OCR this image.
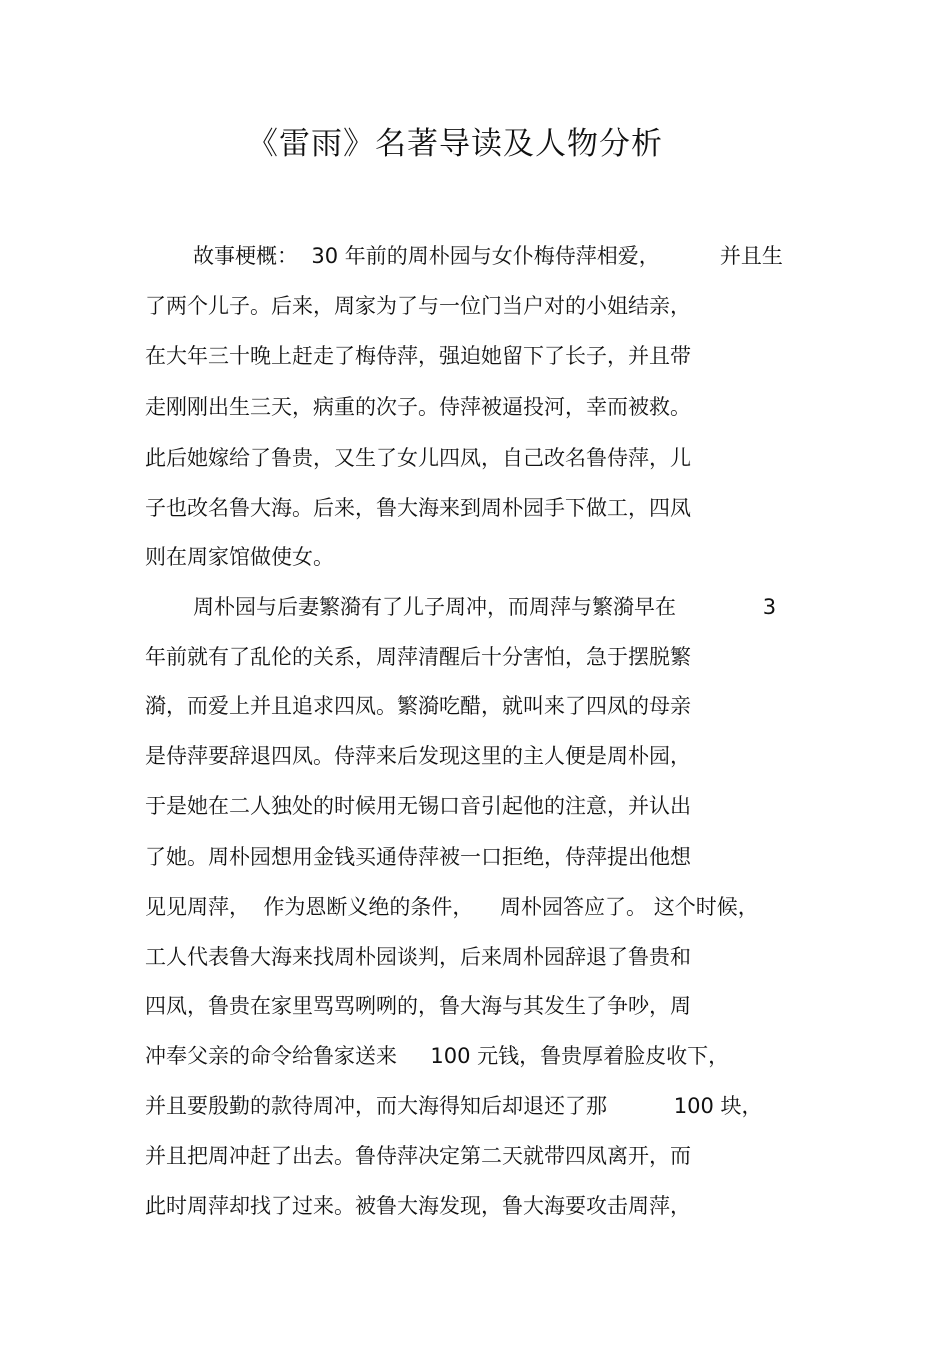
《雷雨》名著导读及人物分析
故事梗概：  30 年前的周朴园与女仆梅侍萍相爱，         并且生
了两个儿子。后来，周家为了与一位门当户对的小姐结亲，
在大年三十晚上赶走了梅侍萍，强迫她留下了长子，并且带
走刚刚出生三天，病重的次子。侍萍被逼投河，幸而被救。
此后她嫁给了鲁贵，又生了女儿四凤，自己改名鲁侍萍，儿
子也改名鲁大海。后来，鲁大海来到周朴园手下做工，四凤
则在周家馆做使女。
周朴园与后妻繁漪有了儿子周冲，而周萍与繁漪早在             3
年前就有了乱伦的关系，周萍清醒后十分害怕，急于摆脱繁
漪，而爱上并且追求四凤。繁漪吃醋，就叫来了四凤的母亲
是侍萍要辞退四凤。侍萍来后发现这里的主人便是周朴园，
于是她在二人独处的时候用无锡口音引起他的注意，并认出
了她。周朴园想用金钱买通侍萍被一口拒绝，侍萍提出他想
见见周萍，  作为恩断义绝的条件，    周朴园答应了。 这个时候，
工人代表鲁大海来找周朴园谈判，后来周朴园辞退了鲁贵和
四凤，鲁贵在家里骂骂咧咧的，鲁大海与其发生了争吵，周
冲奉父亲的命令给鲁家送来     100 元钱，鲁贵厚着脸皮收下，
并且要殷勤的款待周冲，而大海得知后却退还了那          100 块，
并且把周冲赶了出去。鲁侍萍决定第二天就带四凤离开，而
此时周萍却找了过来。被鲁大海发现，鲁大海要攻击周萍，
